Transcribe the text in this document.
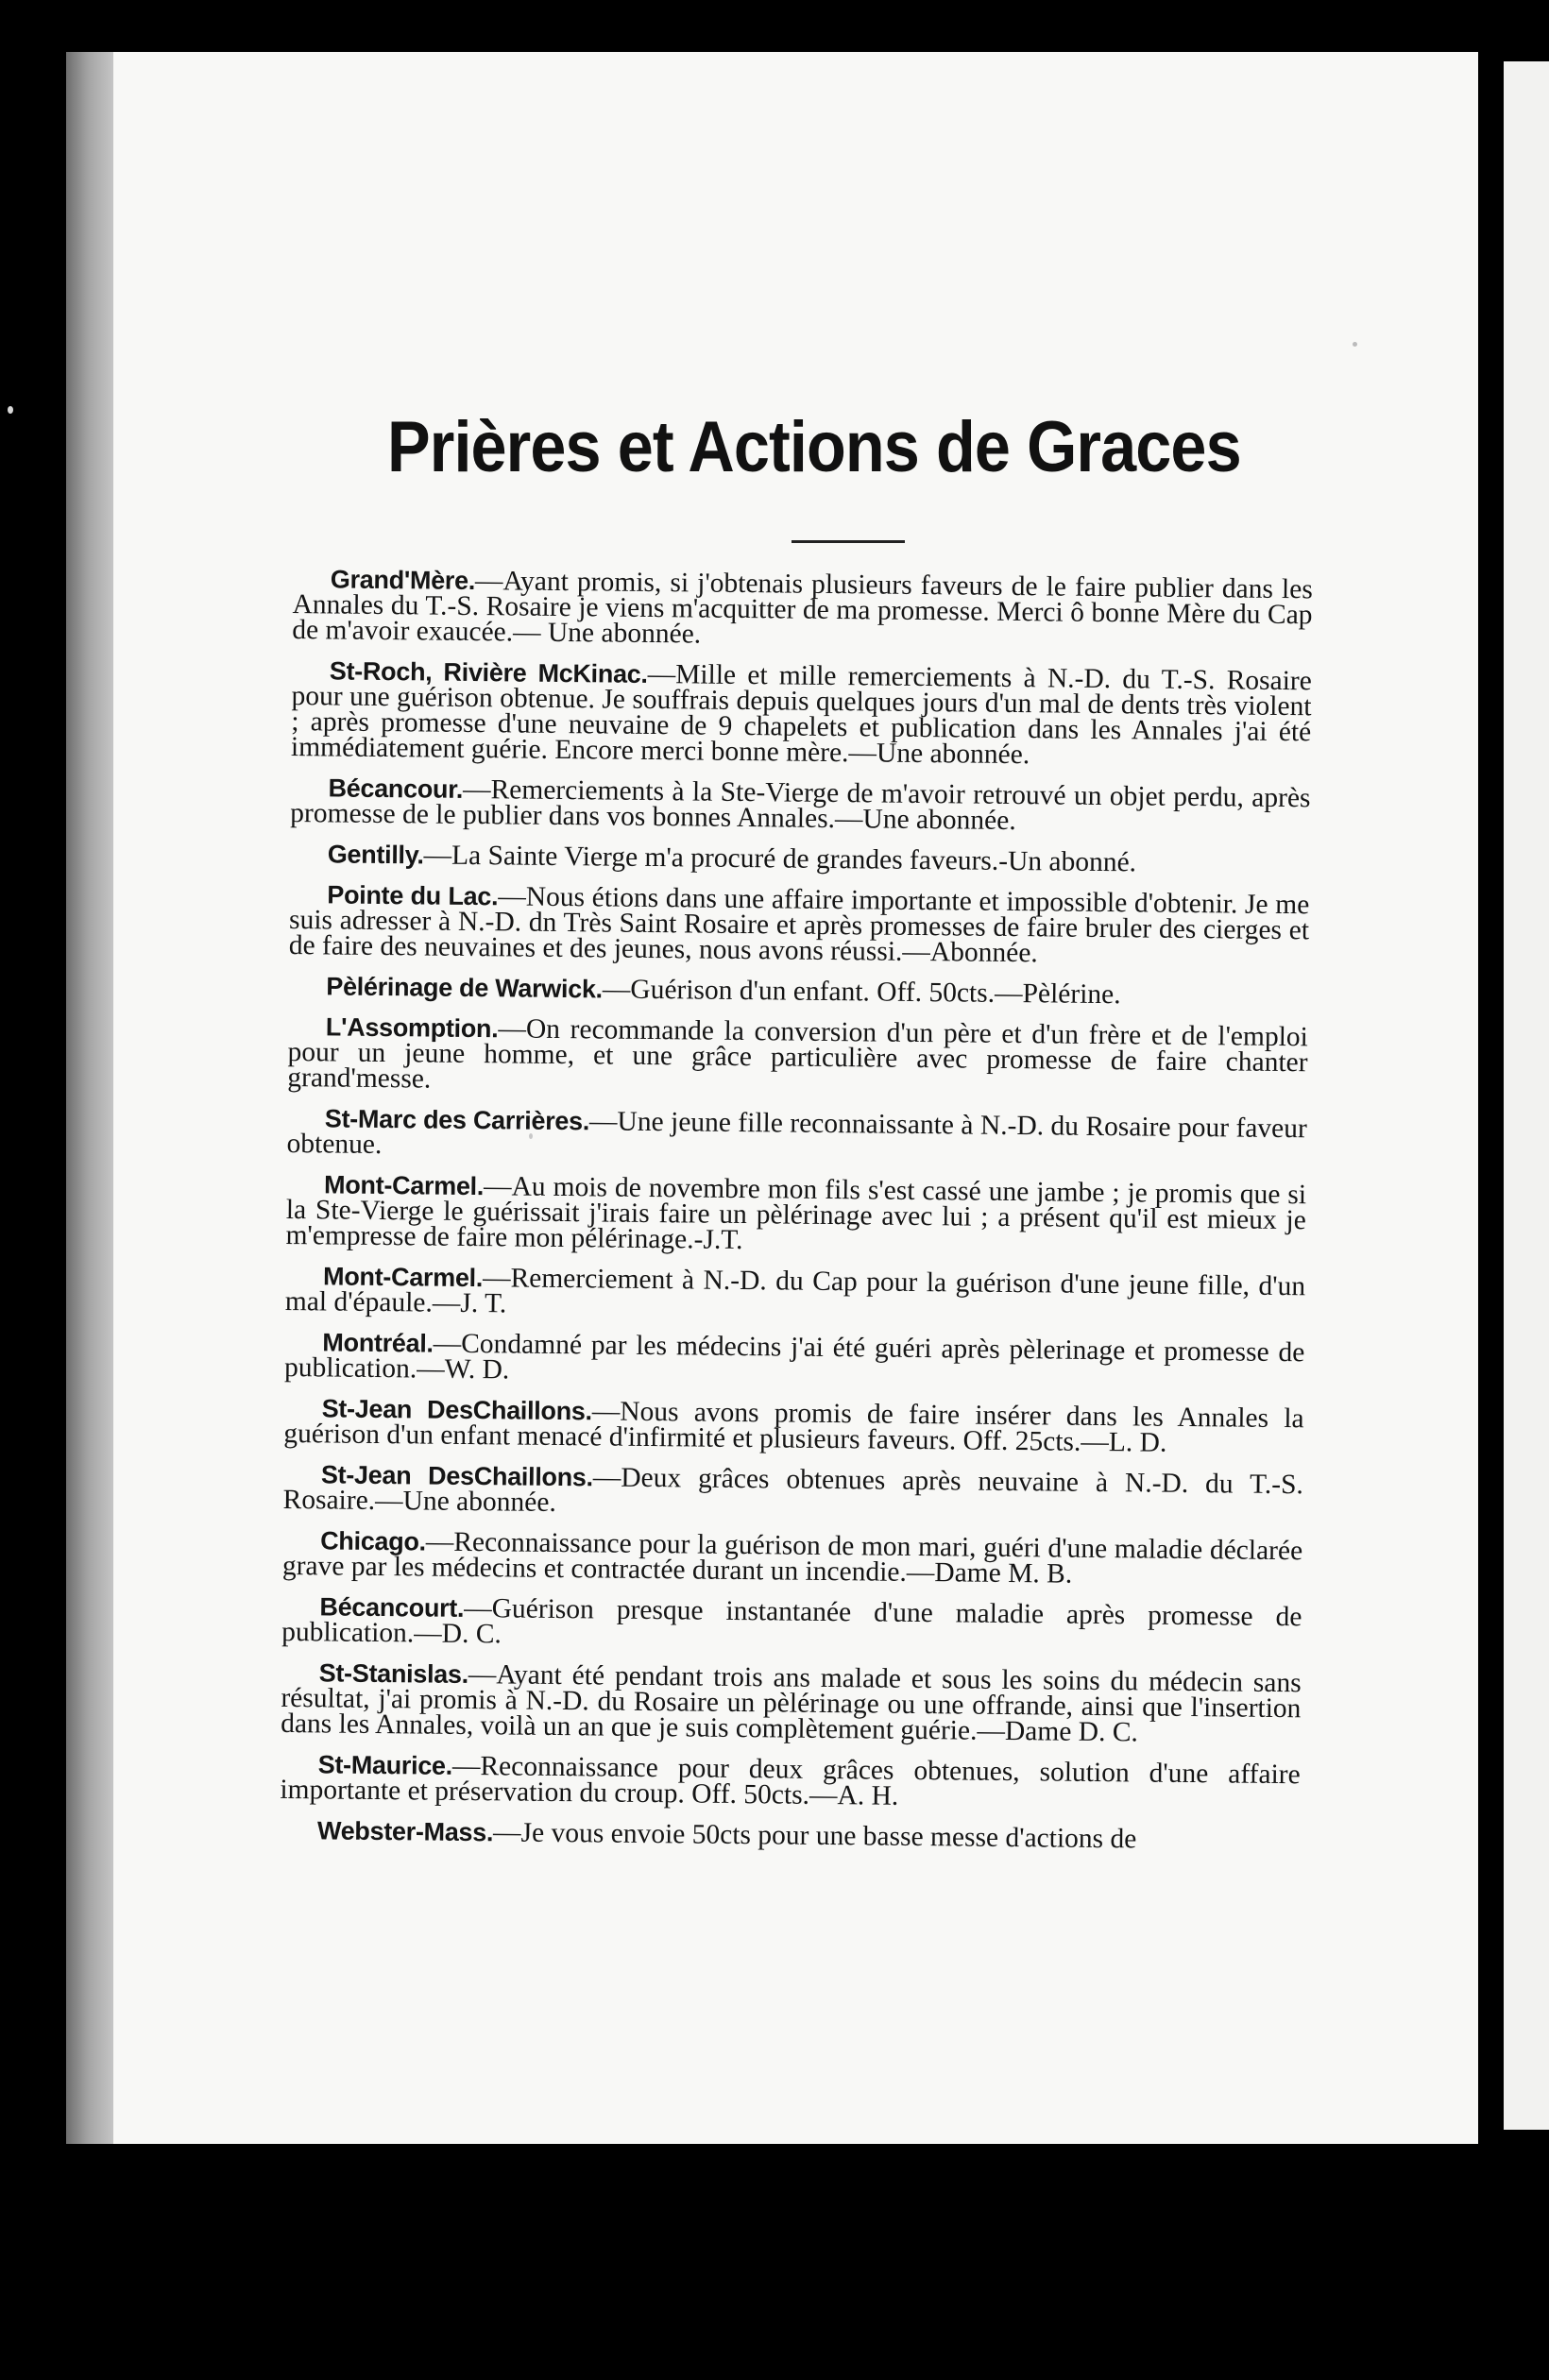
Prières et Actions de Graces

Grand'Mère.—Ayant promis, si j'obtenais plusieurs faveurs de le faire publier dans les Annales du T.-S. Rosaire je viens m'acquitter de ma promesse. Merci ô bonne Mère du Cap de m'avoir exaucée.— Une abonnée.

St-Roch, Rivière McKinac.—Mille et mille remerciements à N.-D. du T.-S. Rosaire pour une guérison obtenue. Je souffrais depuis quelques jours d'un mal de dents très violent ; après promesse d'une neuvaine de 9 chapelets et publication dans les Annales j'ai été immédiatement guérie. Encore merci bonne mère.—Une abonnée.

Bécancour.—Remerciements à la Ste-Vierge de m'avoir retrouvé un objet perdu, après promesse de le publier dans vos bonnes Annales.—Une abonnée.

Gentilly.—La Sainte Vierge m'a procuré de grandes faveurs.-Un abonné.

Pointe du Lac.—Nous étions dans une affaire importante et impossible d'obtenir. Je me suis adresser à N.-D. dn Très Saint Rosaire et après promesses de faire bruler des cierges et de faire des neuvaines et des jeunes, nous avons réussi.—Abonnée.

Pèlérinage de Warwick.—Guérison d'un enfant. Off. 50cts.—Pèlérine.

L'Assomption.—On recommande la conversion d'un père et d'un frère et de l'emploi pour un jeune homme, et une grâce particulière avec promesse de faire chanter grand'messe.

St-Marc des Carrières.—Une jeune fille reconnaissante à N.-D. du Rosaire pour faveur obtenue.

Mont-Carmel.—Au mois de novembre mon fils s'est cassé une jambe ; je promis que si la Ste-Vierge le guérissait j'irais faire un pèlérinage avec lui ; a présent qu'il est mieux je m'empresse de faire mon pélérinage.-J.T.

Mont-Carmel.—Remerciement à N.-D. du Cap pour la guérison d'une jeune fille, d'un mal d'épaule.—J. T.

Montréal.—Condamné par les médecins j'ai été guéri après pèlerinage et promesse de publication.—W. D.

St-Jean DesChaillons.—Nous avons promis de faire insérer dans les Annales la guérison d'un enfant menacé d'infirmité et plusieurs faveurs. Off. 25cts.—L. D.

St-Jean DesChaillons.—Deux grâces obtenues après neuvaine à N.-D. du T.-S. Rosaire.—Une abonnée.

Chicago.—Reconnaissance pour la guérison de mon mari, guéri d'une maladie déclarée grave par les médecins et contractée durant un incendie.—Dame M. B.

Bécancourt.—Guérison presque instantanée d'une maladie après promesse de publication.—D. C.

St-Stanislas.—Ayant été pendant trois ans malade et sous les soins du médecin sans résultat, j'ai promis à N.-D. du Rosaire un pèlérinage ou une offrande, ainsi que l'insertion dans les Annales, voilà un an que je suis complètement guérie.—Dame D. C.

St-Maurice.—Reconnaissance pour deux grâces obtenues, solution d'une affaire importante et préservation du croup. Off. 50cts.—A. H.

Webster-Mass.—Je vous envoie 50cts pour une basse messe d'actions de
